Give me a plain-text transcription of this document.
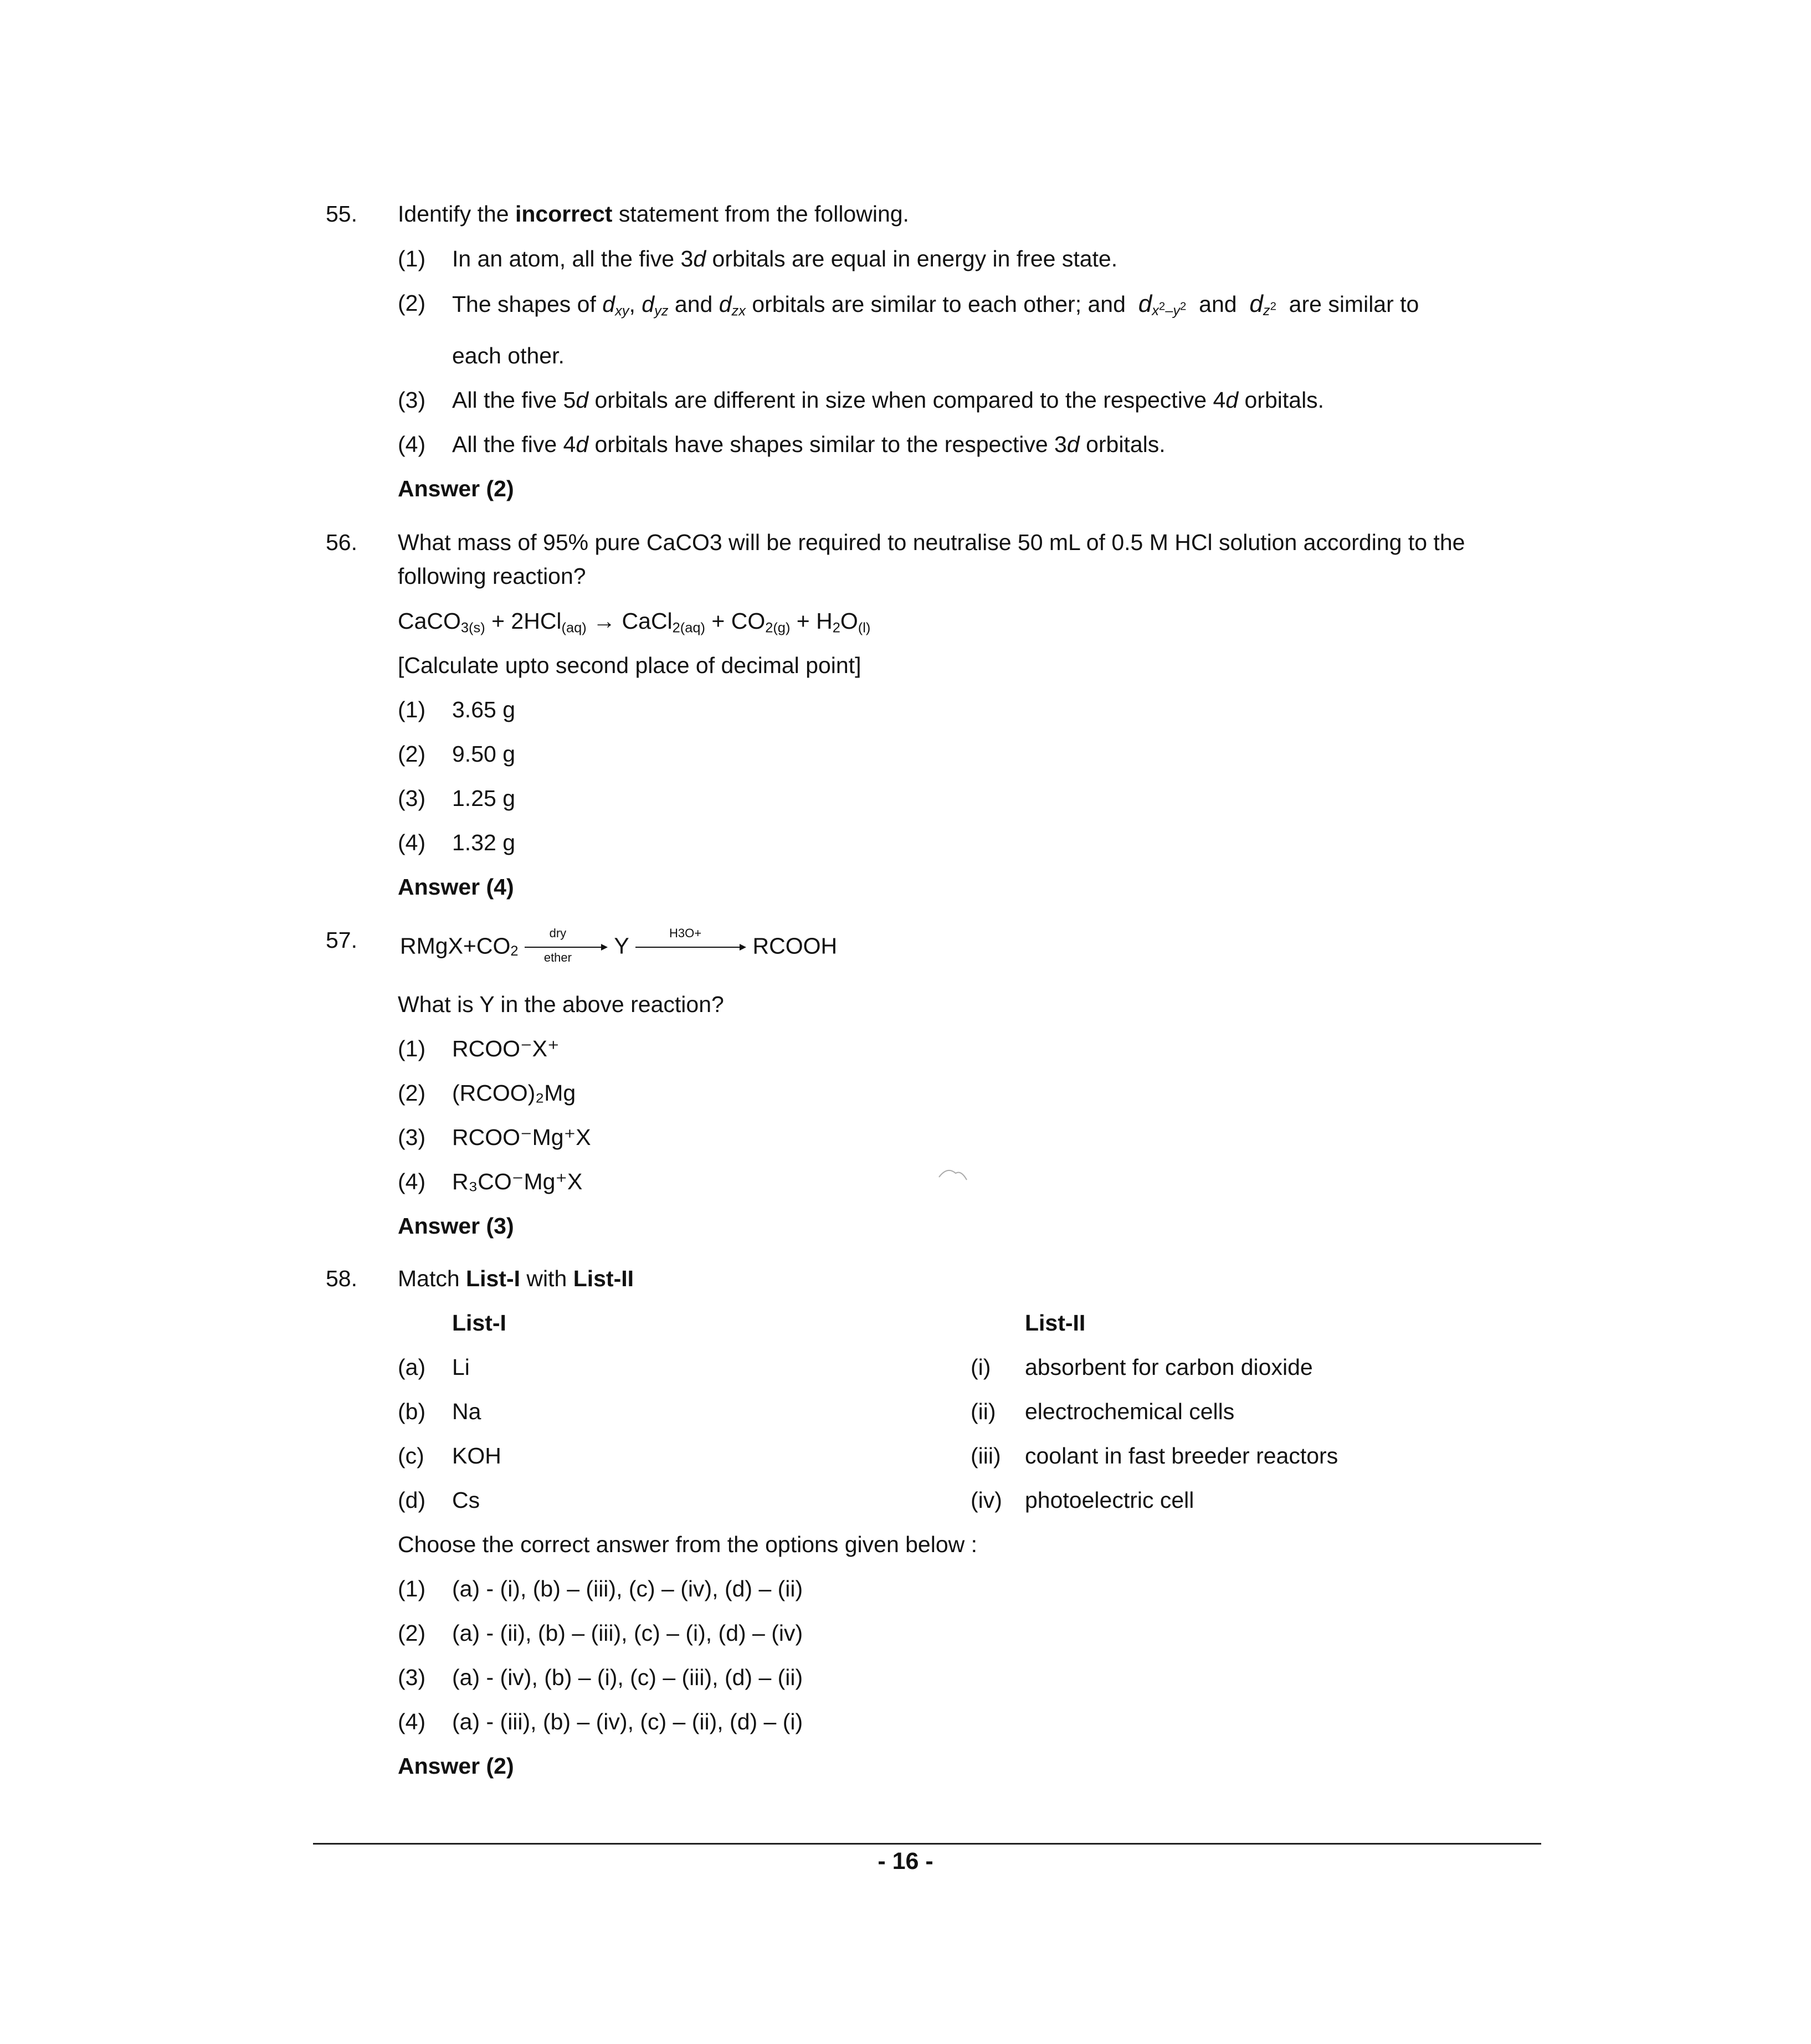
55. Identify the incorrect statement from the following.
(1) In an atom, all the five 3d orbitals are equal in energy in free state.
(2) The shapes of $d_{xy}$, $d_{yz}$ and $d_{zx}$ orbitals are similar to each other; and $d_{x^2-y^2}$ and $d_{z^2}$ are similar to
each other.
(3) All the five 5d orbitals are different in size when compared to the respective 4d orbitals.
(4) All the five 4d orbitals have shapes similar to the respective 3d orbitals.
Answer (2)
56. What mass of 95% pure CaCO3 will be required to neutralise 50 mL of 0.5 M HCl solution according to the
following reaction?
CaCO$_{3(s)}$ + 2HCl$_{(aq)}$ → CaCl$_{2(aq)}$ + $CO_{2(g)} + H_2O_{(l)}$
[Calculate upto second place of decimal point]
(1) 3.65 g
(2) 9.50 g
(3) 1.25 g
(4) 1.32 g
Answer (4)
57. $RMgX+CO_2$
dry
ether	Y	H3O+	RCOOH
What is Y in the above reaction?
(1) RCOO⁻X⁺
(2) (RCOO)₂Mg
(3) RCOO⁻Mg⁺X
(4) R₃CO⁻Mg⁺X
Answer (3)
58. Match List-I with List-II
List-I	List-II
(a) Li	(i) absorbent for carbon dioxide
(b) Na	(ii) electrochemical cells
(c) KOH	(iii) coolant in fast breeder reactors
(d) Cs	(iv) photoelectric cell
Choose the correct answer from the options given below :
(1) (a) - (i), (b) – (iii), (c) – (iv), (d) – (ii)
(2) (a) - (ii), (b) – (iii), (c) – (i), (d) – (iv)
(3) (a) - (iv), (b) – (i), (c) – (iii), (d) – (ii)
(4) (a) - (iii), (b) – (iv), (c) – (ii), (d) – (i)
Answer (2)
- 16 -
